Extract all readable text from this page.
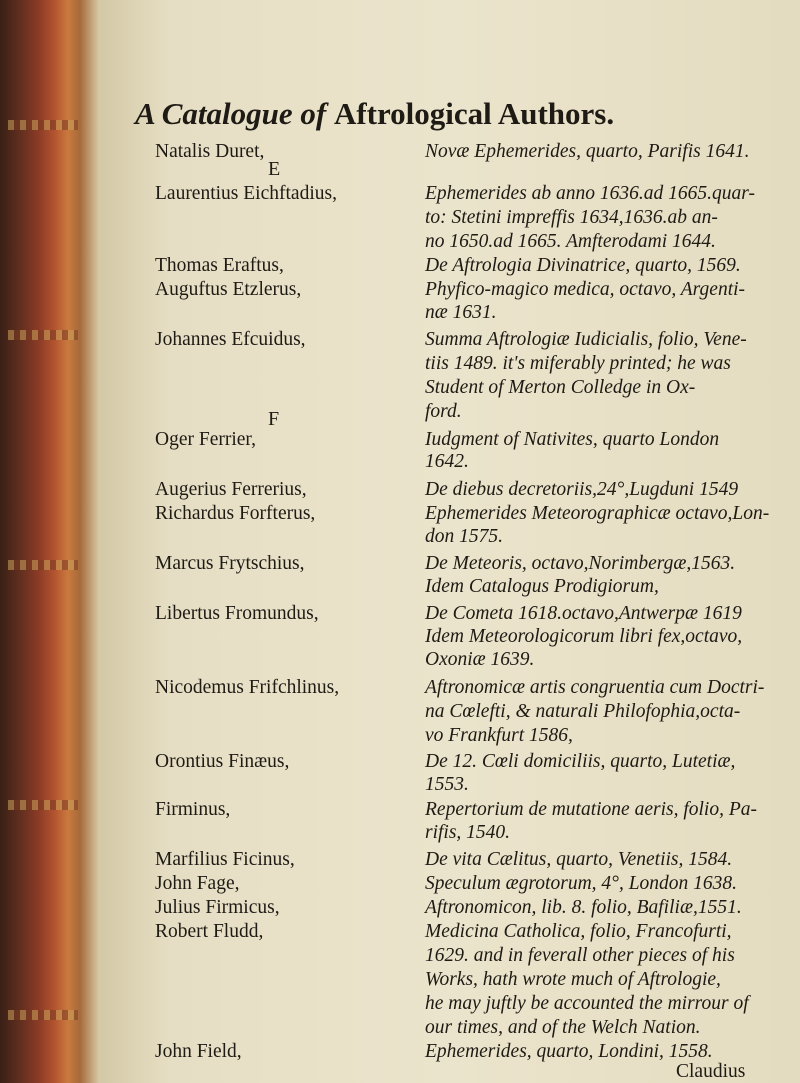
A Catalogue of Aftrological Authors.
E
F
Natalis Duret,	Novæ Ephemerides, quarto, Parifis 1641.
Laurentius Eichftadius,	Ephemerides ab anno 1636.ad 1665.quar-
to: Stetini impreffis 1634,1636.ab an-
no 1650.ad 1665. Amfterodami 1644.
Thomas Eraftus,	De Aftrologia Divinatrice, quarto, 1569.
Auguftus Etzlerus,	Phyfico-magico medica, octavo, Argenti-
næ 1631.
Johannes Efcuidus,	Summa Aftrologiæ Iudicialis, folio, Vene-
tiis 1489. it's miferably printed; he was
Student of Merton Colledge in Ox-
ford.
Oger Ferrier,	Iudgment of Nativites, quarto London
1642.
Augerius Ferrerius,	De diebus decretoriis,24°,Lugduni 1549
Richardus Forfterus,	Ephemerides Meteorographicæ octavo,Lon-
don 1575.
Marcus Frytschius,	De Meteoris, octavo,Norimbergæ,1563.
Idem Catalogus Prodigiorum,
Libertus Fromundus,	De Cometa 1618.octavo,Antwerpæ 1619
Idem Meteorologicorum libri fex,octavo,
Oxoniæ 1639.
Nicodemus Frifchlinus,	Aftronomicæ artis congruentia cum Doctri-
na Cœlefti, & naturali Philofophia,octa-
vo Frankfurt 1586,
Orontius Finæus,	De 12. Cœli domiciliis, quarto, Lutetiæ,
1553.
Firminus,	Repertorium de mutatione aeris, folio, Pa-
rifis, 1540.
Marfilius Ficinus,	De vita Cælitus, quarto, Venetiis, 1584.
John Fage,	Speculum ægrotorum, 4°, London 1638.
Julius Firmicus,	Aftronomicon, lib. 8. folio, Bafiliæ,1551.
Robert Fludd,	Medicina Catholica, folio, Francofurti,
1629. and in feverall other pieces of his
Works, hath wrote much of Aftrologie,
he may juftly be accounted the mirrour of
our times, and of the Welch Nation.
John Field,	Ephemerides, quarto, Londini, 1558.
Claudius
